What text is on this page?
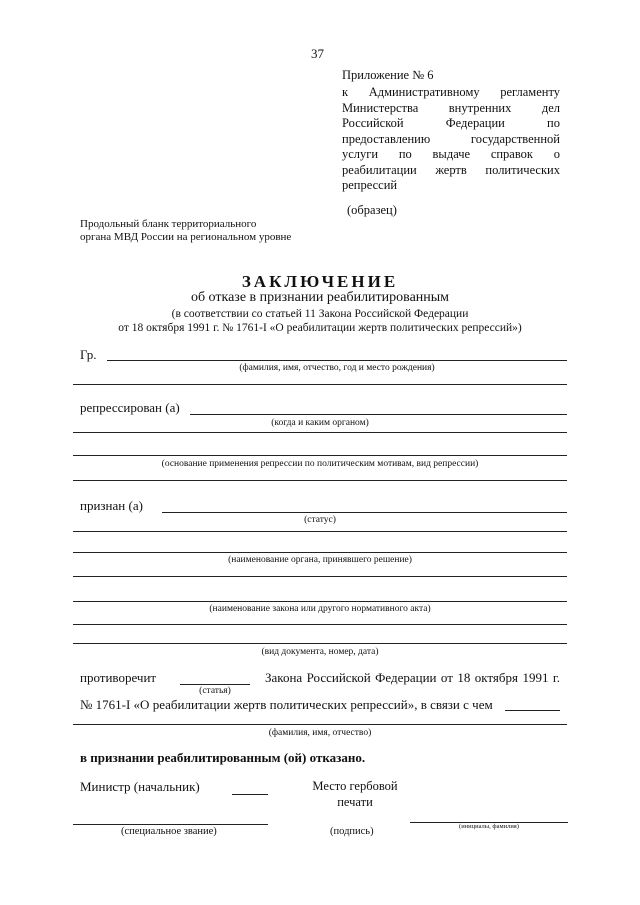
37
Приложение № 6
к Административному регламенту
Министерства внутренних дел
Российской	Федерации	по
предоставлению	государственной
услуги по выдаче справок о
реабилитации жертв политических
репрессий
(образец)
Продольный бланк территориального
органа МВД России на региональном уровне
ЗАКЛЮЧЕНИЕ
об отказе в признании реабилитированным
(в соответствии со статьей 11 Закона Российской Федерации
от 18 октября 1991 г. № 1761-I «О реабилитации жертв политических репрессий»)
Гр.
(фамилия, имя, отчество, год и место рождения)
репрессирован (а)
(когда и каким органом)
(основание применения репрессии по политическим мотивам, вид репрессии)
признан (а)
(статус)
(наименование органа, принявшего решение)
(наименование закона или другого нормативного акта)
(вид документа, номер, дата)
противоречит
(статья)
Закона Российской Федерации от 18 октября 1991 г.
№ 1761-I «О реабилитации жертв политических репрессий», в связи с чем
(фамилия, имя, отчество)
в признании реабилитированным (ой) отказано.
Министр (начальник)	Место гербовой
печати
(инициалы, фамилия)
(специальное звание)	(подпись)
